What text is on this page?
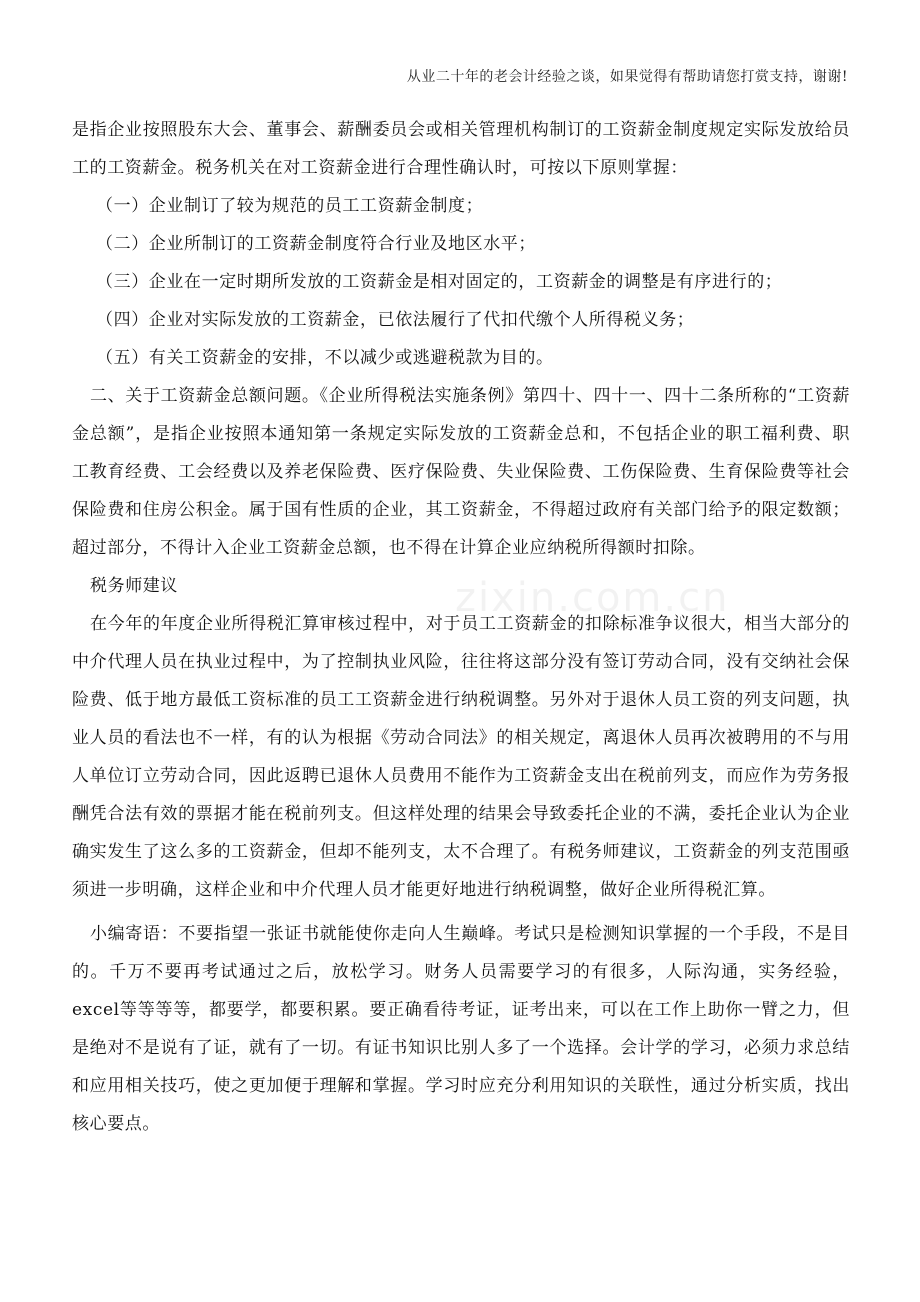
从业二十年的老会计经验之谈，如果觉得有帮助请您打赏支持，谢谢!
zixin.com.cn

是指企业按照股东大会、董事会、薪酬委员会或相关管理机构制订的工资薪金制度规定实际发放给员工的工资薪金。税务机关在对工资薪金进行合理性确认时，可按以下原则掌握：

（一）企业制订了较为规范的员工工资薪金制度；

（二）企业所制订的工资薪金制度符合行业及地区水平；

（三）企业在一定时期所发放的工资薪金是相对固定的，工资薪金的调整是有序进行的；

（四）企业对实际发放的工资薪金，已依法履行了代扣代缴个人所得税义务；

（五）有关工资薪金的安排，不以减少或逃避税款为目的。

二、关于工资薪金总额问题。《企业所得税法实施条例》第四十、四十一、四十二条所称的“工资薪金总额”，是指企业按照本通知第一条规定实际发放的工资薪金总和，不包括企业的职工福利费、职工教育经费、工会经费以及养老保险费、医疗保险费、失业保险费、工伤保险费、生育保险费等社会保险费和住房公积金。属于国有性质的企业，其工资薪金，不得超过政府有关部门给予的限定数额；超过部分，不得计入企业工资薪金总额，也不得在计算企业应纳税所得额时扣除。

税务师建议

在今年的年度企业所得税汇算审核过程中，对于员工工资薪金的扣除标准争议很大，相当大部分的中介代理人员在执业过程中，为了控制执业风险，往往将这部分没有签订劳动合同，没有交纳社会保险费、低于地方最低工资标准的员工工资薪金进行纳税调整。另外对于退休人员工资的列支问题，执业人员的看法也不一样，有的认为根据《劳动合同法》的相关规定，离退休人员再次被聘用的不与用人单位订立劳动合同，因此返聘已退休人员费用不能作为工资薪金支出在税前列支，而应作为劳务报酬凭合法有效的票据才能在税前列支。但这样处理的结果会导致委托企业的不满，委托企业认为企业确实发生了这么多的工资薪金，但却不能列支，太不合理了。有税务师建议，工资薪金的列支范围亟须进一步明确，这样企业和中介代理人员才能更好地进行纳税调整，做好企业所得税汇算。

小编寄语：不要指望一张证书就能使你走向人生巅峰。考试只是检测知识掌握的一个手段，不是目的。千万不要再考试通过之后，放松学习。财务人员需要学习的有很多，人际沟通，实务经验，excel等等等等，都要学，都要积累。要正确看待考证，证考出来，可以在工作上助你一臂之力，但是绝对不是说有了证，就有了一切。有证书知识比别人多了一个选择。会计学的学习，必须力求总结和应用相关技巧，使之更加便于理解和掌握。学习时应充分利用知识的关联性，通过分析实质，找出核心要点。
